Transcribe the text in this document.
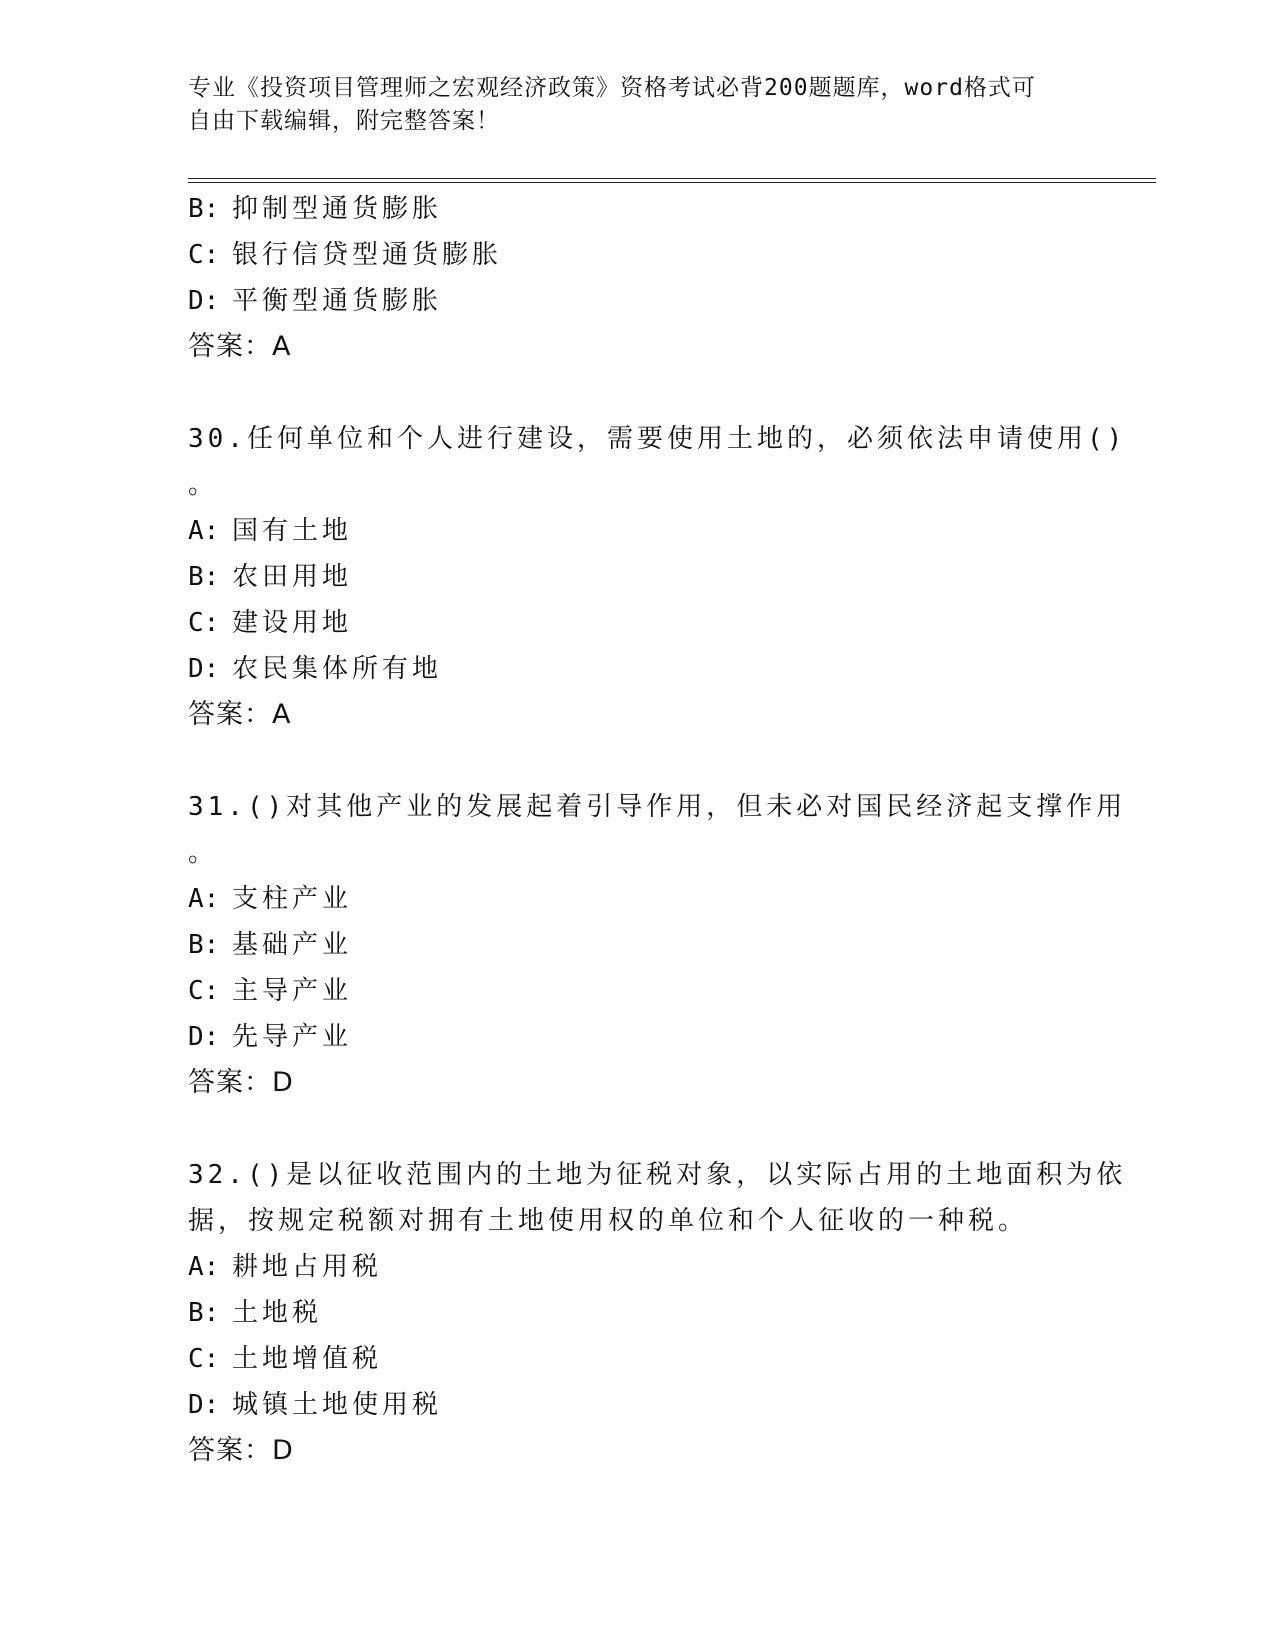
专业《投资项目管理师之宏观经济政策》资格考试必背200题题库，word格式可
自由下载编辑，附完整答案！
B: 抑制型通货膨胀
C: 银行信贷型通货膨胀
D: 平衡型通货膨胀
答案：A
30.任何单位和个人进行建设，需要使用土地的，必须依法申请使用()
。
A: 国有土地
B: 农田用地
C: 建设用地
D: 农民集体所有地
答案：A
31.()对其他产业的发展起着引导作用，但未必对国民经济起支撑作用
。
A: 支柱产业
B: 基础产业
C: 主导产业
D: 先导产业
答案：D
32.()是以征收范围内的土地为征税对象，以实际占用的土地面积为依
据，按规定税额对拥有土地使用权的单位和个人征收的一种税。
A: 耕地占用税
B: 土地税
C: 土地增值税
D: 城镇土地使用税
答案：D
